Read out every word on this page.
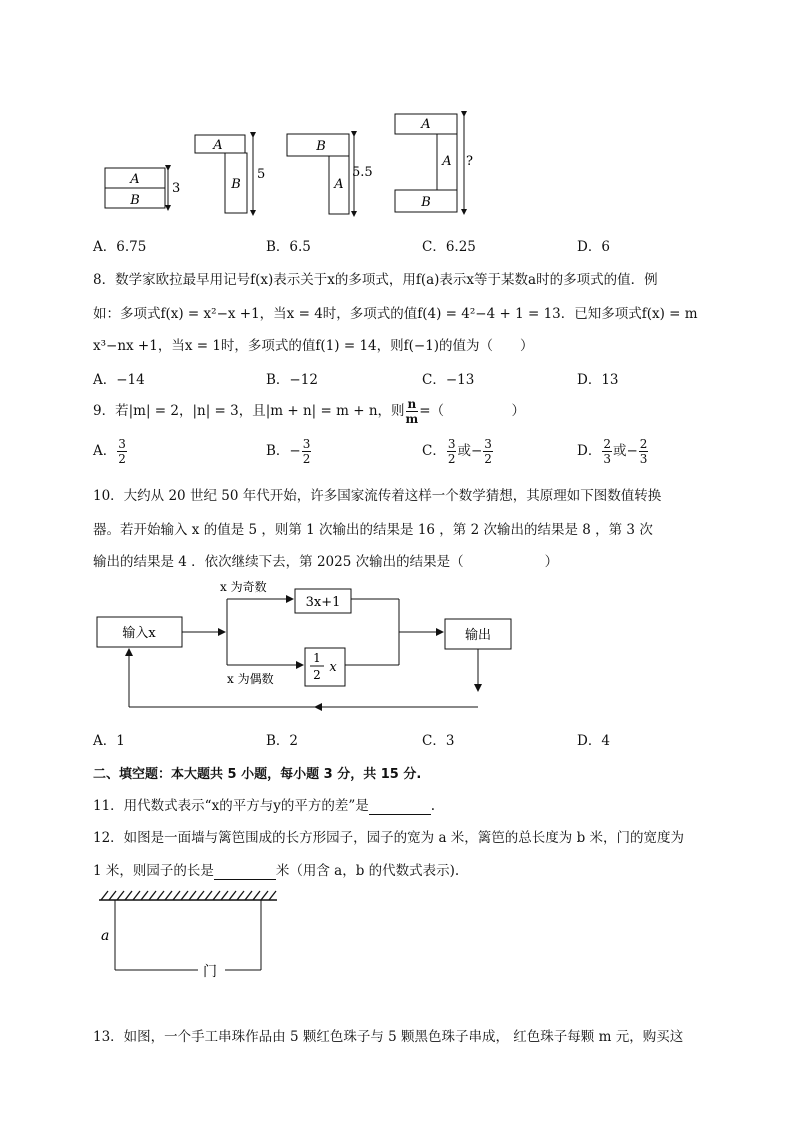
A
B
3
A
B
5
B
A
5.5
A
A
B
?
A．6.75	B．6.5	C．6.25	D．6
8．数学家欧拉最早用记号f(x)表示关于x的多项式，用f(a)表示x等于某数a时的多项式的值．例
如：多项式f(x) = x²−x +1，当x = 4时，多项式的值f(4) = 4²−4 + 1 = 13．已知多项式f(x) = m
x³−nx +1，当x = 1时，多项式的值f(1) = 14，则f(−1)的值为（　　）
A．−14	B．−12	C．−13	D．13
9．若|m| = 2，|n| = 3，且|m + n| = m + n，则 $\frac{n}{m}$ =（　　　　　）
A． $\frac{3}{2}$	B．− $\frac{3}{2}$	C． $\frac{3}{2}$ 或− $\frac{3}{2}$	D． $\frac{2}{3}$ 或− $\frac{2}{3}$
10．大约从 20 世纪 50 年代开始，许多国家流传着这样一个数学猜想，其原理如下图数值转换
器。若开始输入 x 的值是 5 ，则第 1 次输出的结果是 16 ，第 2 次输出的结果是 8 ，第 3 次
输出的结果是 4 ．依次继续下去，第 2025 次输出的结果是（　　　　　　）
输入x
x 为奇数
3x+1
x 为偶数
1
2 x
输出
A．1	B．2	C．3	D．4
二、填空题：本大题共 5 小题，每小题 3 分，共 15 分.
11．用代数式表示“x的平方与y的平方的差”是	.
12．如图是一面墙与篱笆围成的长方形园子，园子的宽为 a 米，篱笆的总长度为 b 米，门的宽度为
1 米，则园子的长是	米（用含 a，b 的代数式表示).
a
门
13．如图，一个手工串珠作品由 5 颗红色珠子与 5 颗黑色珠子串成， 红色珠子每颗 m 元，购买这
